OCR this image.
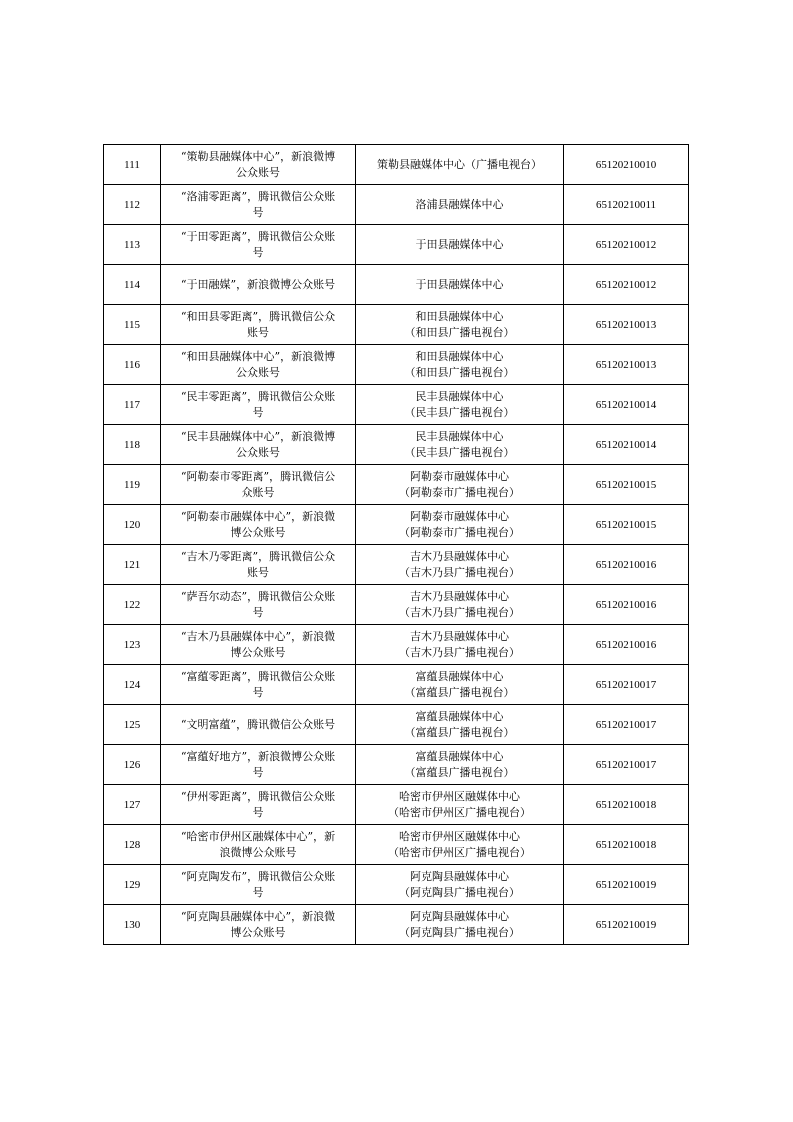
111	“策勒县融媒体中心”，新浪微博
公众账号	策勒县融媒体中心（广播电视台）	65120210010
112	“洛浦零距离”，腾讯微信公众账
号	洛浦县融媒体中心	65120210011
113	“于田零距离”，腾讯微信公众账
号	于田县融媒体中心	65120210012
114	“于田融媒”，新浪微博公众账号	于田县融媒体中心	65120210012
115	“和田县零距离”，腾讯微信公众
账号	和田县融媒体中心
（和田县广播电视台）	65120210013
116	“和田县融媒体中心”，新浪微博
公众账号	和田县融媒体中心
（和田县广播电视台）	65120210013
117	“民丰零距离”，腾讯微信公众账
号	民丰县融媒体中心
（民丰县广播电视台）	65120210014
118	“民丰县融媒体中心”，新浪微博
公众账号	民丰县融媒体中心
（民丰县广播电视台）	65120210014
119	“阿勒泰市零距离”，腾讯微信公
众账号	阿勒泰市融媒体中心
（阿勒泰市广播电视台）	65120210015
120	“阿勒泰市融媒体中心”，新浪微
博公众账号	阿勒泰市融媒体中心
（阿勒泰市广播电视台）	65120210015
121	“吉木乃零距离”，腾讯微信公众
账号	吉木乃县融媒体中心
（吉木乃县广播电视台）	65120210016
122	“萨吾尔动态”，腾讯微信公众账
号	吉木乃县融媒体中心
（吉木乃县广播电视台）	65120210016
123	“吉木乃县融媒体中心”，新浪微
博公众账号	吉木乃县融媒体中心
（吉木乃县广播电视台）	65120210016
124	“富蕴零距离”，腾讯微信公众账
号	富蕴县融媒体中心
（富蕴县广播电视台）	65120210017
125	“文明富蕴”，腾讯微信公众账号	富蕴县融媒体中心
（富蕴县广播电视台）	65120210017
126	“富蕴好地方”，新浪微博公众账
号	富蕴县融媒体中心
（富蕴县广播电视台）	65120210017
127	“伊州零距离”，腾讯微信公众账
号	哈密市伊州区融媒体中心
（哈密市伊州区广播电视台）	65120210018
128	“哈密市伊州区融媒体中心”，新
浪微博公众账号	哈密市伊州区融媒体中心
（哈密市伊州区广播电视台）	65120210018
129	“阿克陶发布”，腾讯微信公众账
号	阿克陶县融媒体中心
（阿克陶县广播电视台）	65120210019
130	“阿克陶县融媒体中心”，新浪微
博公众账号	阿克陶县融媒体中心
（阿克陶县广播电视台）	65120210019
